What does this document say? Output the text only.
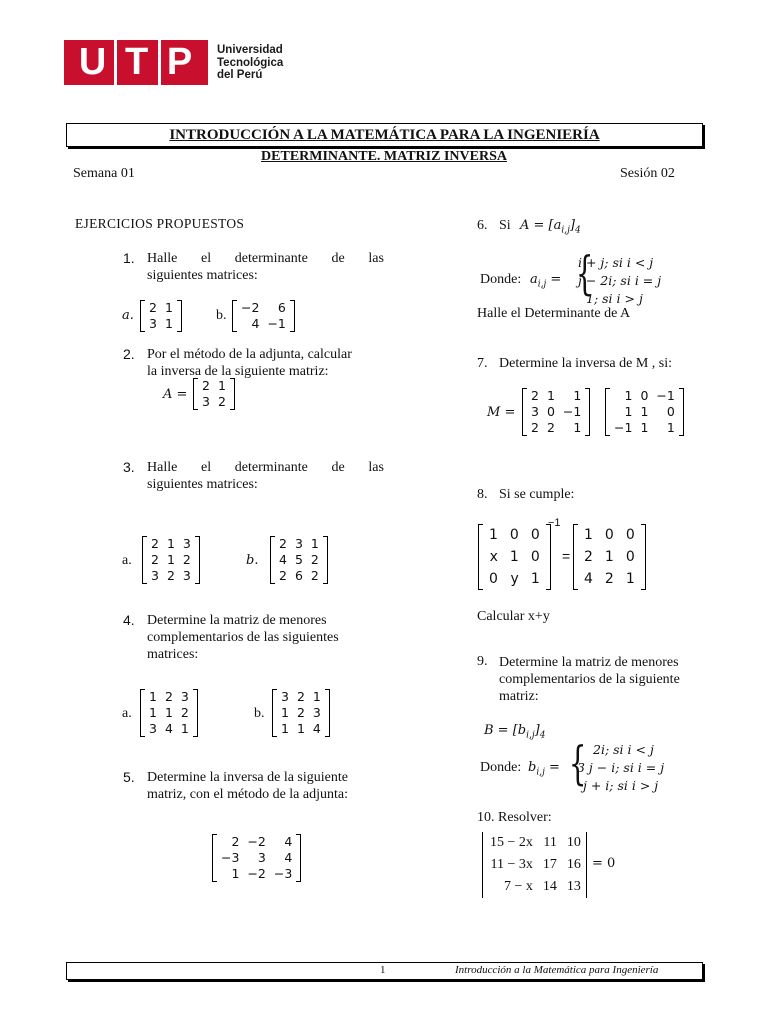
U T P Universidad
Tecnológica
del Perú
INTRODUCCIÓN A LA MATEMÁTICA PARA LA INGENIERÍA
DETERMINANTE. MATRIZ INVERSA
Semana 01	Sesión 02
EJERCICIOS PROPUESTOS
1. Halle el determinante de las
siguientes matrices:
a.
2	1
3	1
b.
−2	6
4	−1
2. Por el método de la adjunta, calcular
la inversa de la siguiente matriz:
A =
2	1
3	2
3. Halle el determinante de las
siguientes matrices:
a.
2	1	3
2	1	2
3	2	3
b.
2	3	1
4	5	2
2	6	2
4. Determine la matriz de menores
complementarios de las siguientes
matrices:
a.
1	2	3
1	1	2
3	4	1
b.
3	2	1
1	2	3
1	1	4
5. Determine la inversa de la siguiente
matriz, con el método de la adjunta:
2	−2	4
−3	3	4
1	−2	−3
6. Si $A = [a_{i,j}]_4$
Donde: $a_{i,j}$ = {
i + j; si i < j
j − 2i; si i = j
1; si i > j
Halle el Determinante de A
7. Determine la inversa de M , si:
M =
2	1	1
3	0	−1
2	2	1
1	0	−1
1	1	0
−1	1	1
8. Si se cumple:
1	0	0
x	1	0
0	y	1
−1
=
1	0	0
2	1	0
4	2	1
Calcular x+y
9. Determine la matriz de menores
complementarios de la siguiente
matriz:
$B = [b_{i,j}]_4$
Donde: $b_{i,j}$ = { 2i; si i < j
3 j − i; si i = j
j + i; si i > j
10. Resolver:
15 − 2x	11	10
11 − 3x	17	16
7 − x	14	13
= 0
1	Introducción a la Matemática para Ingeniería
